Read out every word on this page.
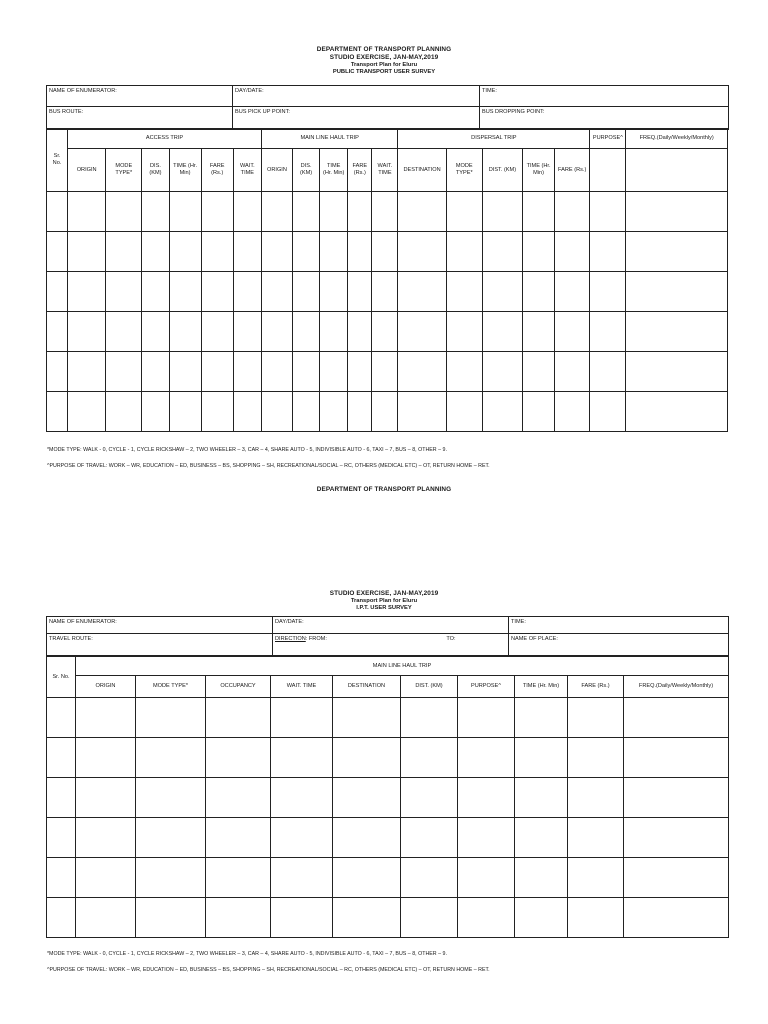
DEPARTMENT OF TRANSPORT PLANNING
STUDIO EXERCISE, JAN-MAY,2019
Transport Plan for Eluru
PUBLIC TRANSPORT USER SURVEY
NAME OF ENUMERATOR:	DAY/DATE:	TIME:
BUS ROUTE:	BUS PICK UP POINT:	BUS DROPPING POINT:
Sr. No.	ACCESS TRIP						MAIN LINE HAUL TRIP					DISPERSAL TRIP					PURPOSE^	FREQ.(Daily/Weekly/Monthly)
	ORIGIN	MODE TYPE*	DIS. (KM)	TIME (Hr. Min)	FARE (Rs.)	WAIT. TIME	ORIGIN	DIS. (KM)	TIME (Hr. Min)	FARE (Rs.)	WAIT. TIME	DESTINATION	MODE TYPE*	DIST. (KM)	TIME (Hr. Min)	FARE (Rs.)		

*MODE TYPE: WALK - 0, CYCLE - 1, CYCLE RICKSHAW – 2, TWO WHEELER – 3, CAR – 4, SHARE AUTO - 5, INDIVISIBLE AUTO - 6, TAXI – 7, BUS – 8, OTHER – 9.
^PURPOSE OF TRAVEL: WORK – WR, EDUCATION – ED, BUSINESS – BS, SHOPPING – SH, RECREATIONAL/SOCIAL – RC, OTHERS (MEDICAL ETC) – OT, RETURN HOME – RET.
DEPARTMENT OF TRANSPORT PLANNING
STUDIO EXERCISE, JAN-MAY,2019
Transport Plan for Eluru
I.P.T. USER SURVEY
NAME OF ENUMERATOR:	DAY/DATE:	TIME:
TRAVEL ROUTE:	DIRECTION: FROM: TO:	NAME OF PLACE:
Sr. No.	MAIN LINE HAUL TRIP									
	ORIGIN	MODE TYPE*	OCCUPANCY	WAIT. TIME	DESTINATION	DIST. (KM)	PURPOSE^	TIME (Hr. Min)	FARE (Rs.)	FREQ.(Daily/Weekly/Monthly)

*MODE TYPE: WALK - 0, CYCLE - 1, CYCLE RICKSHAW – 2, TWO WHEELER – 3, CAR – 4, SHARE AUTO - 5, INDIVISIBLE AUTO - 6, TAXI – 7, BUS – 8, OTHER – 9.
^PURPOSE OF TRAVEL: WORK – WR, EDUCATION – ED, BUSINESS – BS, SHOPPING – SH, RECREATIONAL/SOCIAL – RC, OTHERS (MEDICAL ETC) – OT, RETURN HOME – RET.
